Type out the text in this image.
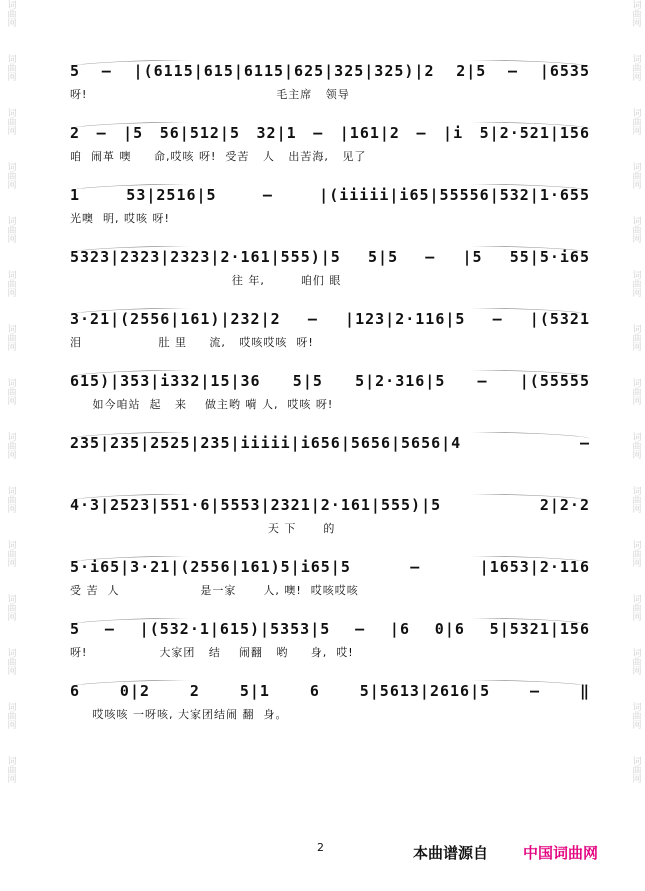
词曲网
词曲网
词曲网
词曲网
词曲网
词曲网
词曲网
词曲网
词曲网
词曲网
词曲网
词曲网
词曲网
词曲网
词曲网
词曲网
词曲网
词曲网
词曲网
词曲网
词曲网
词曲网
词曲网
词曲网
词曲网
词曲网
词曲网
词曲网
词曲网
词曲网
5 – |(6115|615|6115|625|325|325)|2 2|5 – |6535
呀!                                          毛主席   领导
2 – |5 56|512|5 32|1 – |161|2 – |i 5|2·521|156
咱  闹革 噢     命,哎咳 呀!  受苦   人   出苦海,   见了
1 53|2516|5 – |(iiiii|i65|55556|532|1·655
光噢  明, 哎咳 呀!
5323|2323|2323|2·161|555)|5 5|5 – |5 55|5·i65
往 年,        咱们 眼
3·21|(2556|161)|232|2 – |123|2·116|5 – |(5321
泪                 肚 里     流,   哎咳哎咳  呀!
615)|353|i332|15|36 5|5 5|2·316|5 – |(55555
如今咱站  起   来    做主哟 嗬 人,  哎咳 呀!
235|235|2525|235|iiiii|i656|5656|5656|4 –
4·3|2523|551·6|5553|2321|2·161|555)|5 2|2·2
天 下      的
5·i65|3·21|(2556|161)5|i65|5 – |1653|2·116
受 苦  人                  是一家      人, 噢!  哎咳哎咳
5 – |(532·1|615)|5353|5 – |6 0|6 5|5321|156
呀!                大家团   结    闹翻   哟     身,  哎!
6 0|2 2 5|1 6 5|5613|2616|5 – ‖
哎咳咳 一呀咳, 大家团结闹 翻  身。
2	本曲谱源自 中国词曲网
